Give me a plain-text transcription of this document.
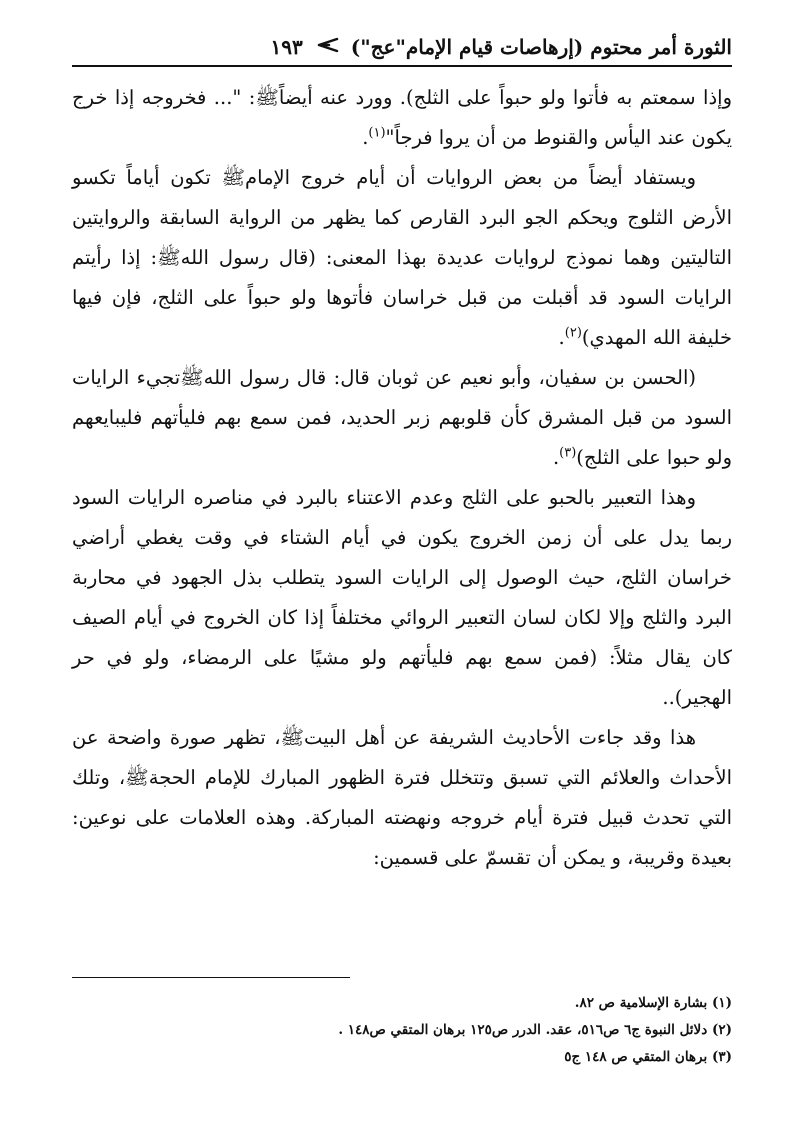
الثورة أمر محتوم (إرهاصات قيام الإمام"عج")
١٩٣

وإذا سمعتم به فأتوا ولو حبواً على الثلج). وورد عنه أيضاًﷺ: "... فخروجه إذا خرج يكون عند اليأس والقنوط من أن يروا فرجاً"$^{(١)}$.

ويستفاد أيضاً من بعض الروايات أن أيام خروج الإمامﷺ تكون أياماً تكسو الأرض الثلوج ويحكم الجو البرد القارص كما يظهر من الرواية السابقة والروايتين التاليتين وهما نموذج لروايات عديدة بهذا المعنى: (قال رسول اللهﷺ: إذا رأيتم الرايات السود قد أقبلت من قبل خراسان فأتوها ولو حبواً على الثلج، فإن فيها خليفة الله المهدي)$^{(٢)}$.

(الحسن بن سفيان، وأبو نعيم عن ثوبان قال: قال رسول اللهﷺتجيء الرايات السود من قبل المشرق كأن قلوبهم زبر الحديد، فمن سمع بهم فليأتهم فليبايعهم ولو حبوا على الثلج)$^{(٣)}$.

وهذا التعبير بالحبو على الثلج وعدم الاعتناء بالبرد في مناصره الرايات السود ربما يدل على أن زمن الخروج يكون في أيام الشتاء في وقت يغطي أراضي خراسان الثلج، حيث الوصول إلى الرايات السود يتطلب بذل الجهود في محاربة البرد والثلج وإلا لكان لسان التعبير الروائي مختلفاً إذا كان الخروج في أيام الصيف كان يقال مثلاً: (فمن سمع بهم فليأتهم ولو مشيًا على الرمضاء، ولو في حر الهجير)..

هذا وقد جاءت الأحاديث الشريفة عن أهل البيتﷺ، تظهر صورة واضحة عن الأحداث والعلائم التي تسبق وتتخلل فترة الظهور المبارك للإمام الحجةﷺ، وتلك التي تحدث قبيل فترة أيام خروجه ونهضته المباركة. وهذه العلامات على نوعين: بعيدة وقريبة، و يمكن أن تقسمّ على قسمين:

(١) بشارة الإسلامية ص ٨٢.

(٢) دلائل النبوة ج٦ ص٥١٦، عقد. الدرر ص١٢٥ برهان المتقي ص١٤٨ .

(٣) برهان المتقي ص ١٤٨ ج٥
